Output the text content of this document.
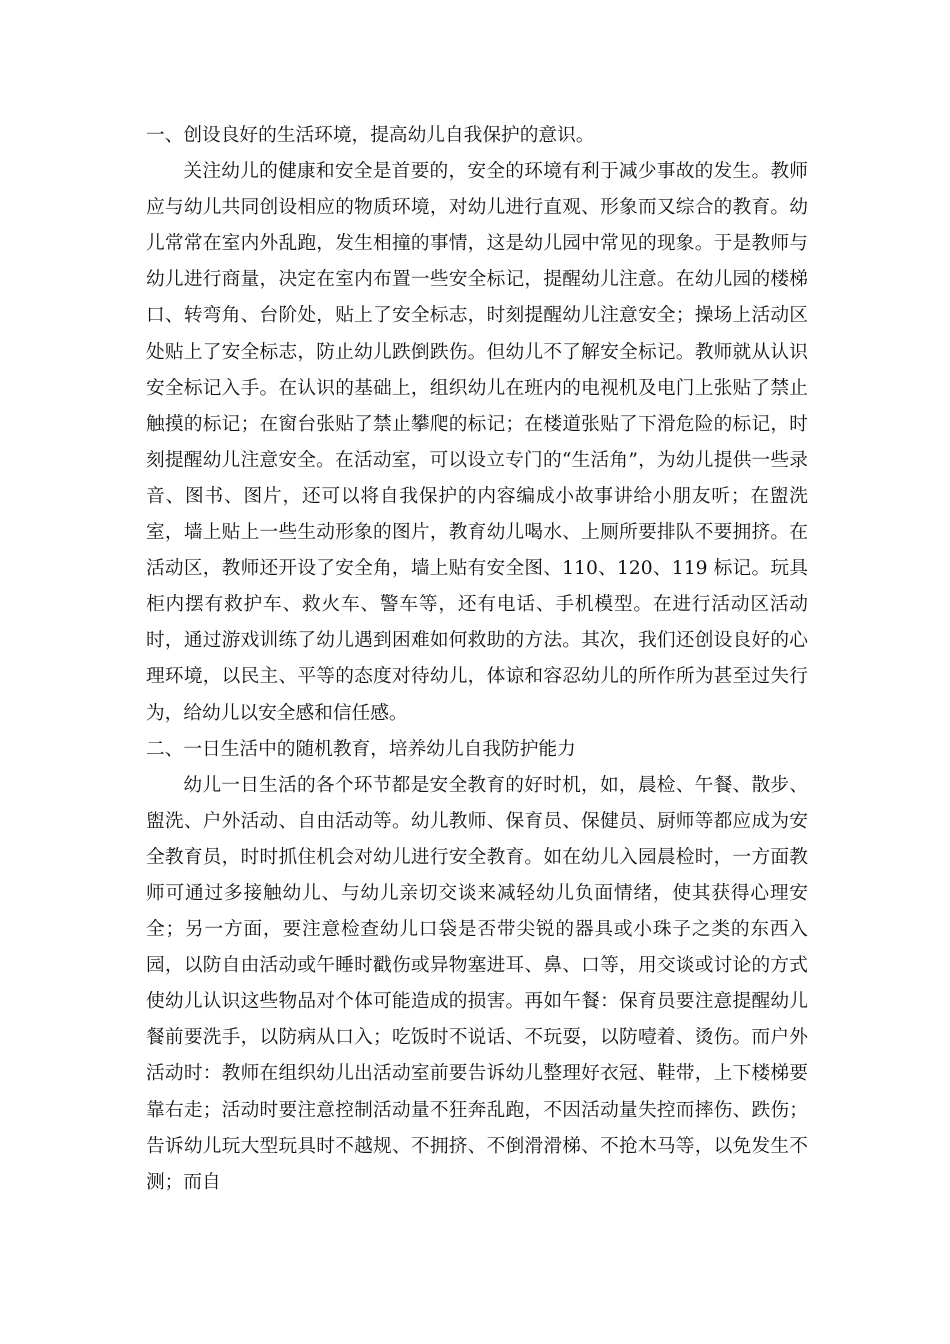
一、创设良好的生活环境，提高幼儿自我保护的意识。

关注幼儿的健康和安全是首要的，安全的环境有利于减少事故的发生。教师应与幼儿共同创设相应的物质环境，对幼儿进行直观、形象而又综合的教育。幼儿常常在室内外乱跑，发生相撞的事情，这是幼儿园中常见的现象。于是教师与幼儿进行商量，决定在室内布置一些安全标记，提醒幼儿注意。在幼儿园的楼梯口、转弯角、台阶处，贴上了安全标志，时刻提醒幼儿注意安全；操场上活动区处贴上了安全标志，防止幼儿跌倒跌伤。但幼儿不了解安全标记。教师就从认识安全标记入手。在认识的基础上，组织幼儿在班内的电视机及电门上张贴了禁止触摸的标记；在窗台张贴了禁止攀爬的标记；在楼道张贴了下滑危险的标记，时刻提醒幼儿注意安全。在活动室，可以设立专门的“生活角”，为幼儿提供一些录音、图书、图片，还可以将自我保护的内容编成小故事讲给小朋友听；在盥洗室，墙上贴上一些生动形象的图片，教育幼儿喝水、上厕所要排队不要拥挤。在活动区，教师还开设了安全角，墙上贴有安全图、110、120、119 标记。玩具柜内摆有救护车、救火车、警车等，还有电话、手机模型。在进行活动区活动时，通过游戏训练了幼儿遇到困难如何救助的方法。其次，我们还创设良好的心理环境，以民主、平等的态度对待幼儿，体谅和容忍幼儿的所作所为甚至过失行为，给幼儿以安全感和信任感。

二、一日生活中的随机教育，培养幼儿自我防护能力

幼儿一日生活的各个环节都是安全教育的好时机，如，晨检、午餐、散步、盥洗、户外活动、自由活动等。幼儿教师、保育员、保健员、厨师等都应成为安全教育员，时时抓住机会对幼儿进行安全教育。如在幼儿入园晨检时，一方面教师可通过多接触幼儿、与幼儿亲切交谈来减轻幼儿负面情绪，使其获得心理安全；另一方面，要注意检查幼儿口袋是否带尖锐的器具或小珠子之类的东西入园，以防自由活动或午睡时戳伤或异物塞进耳、鼻、口等，用交谈或讨论的方式使幼儿认识这些物品对个体可能造成的损害。再如午餐：保育员要注意提醒幼儿餐前要洗手，以防病从口入；吃饭时不说话、不玩耍，以防噎着、烫伤。而户外活动时：教师在组织幼儿出活动室前要告诉幼儿整理好衣冠、鞋带，上下楼梯要靠右走；活动时要注意控制活动量不狂奔乱跑，不因活动量失控而摔伤、跌伤；告诉幼儿玩大型玩具时不越规、不拥挤、不倒滑滑梯、不抢木马等，以免发生不测；而自
